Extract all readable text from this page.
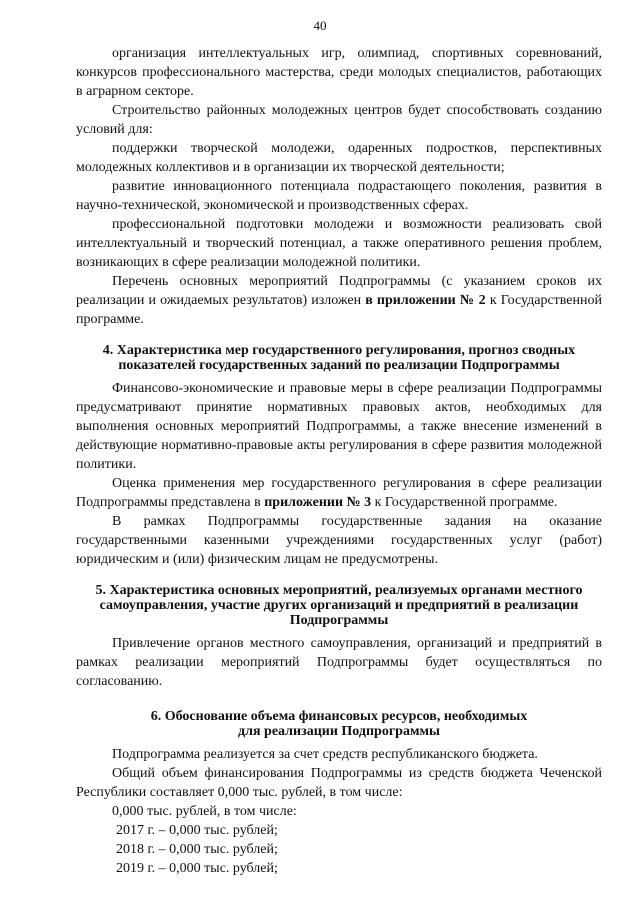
40

организация интеллектуальных игр, олимпиад, спортивных соревнований, конкурсов профессионального мастерства, среди молодых специалистов, работающих в аграрном секторе.

Строительство районных молодежных центров будет способствовать созданию условий для:

поддержки творческой молодежи, одаренных подростков, перспективных молодежных коллективов и в организации их творческой деятельности;

развитие инновационного потенциала подрастающего поколения, развития в научно-технической, экономической и производственных сферах.

профессиональной подготовки молодежи и возможности реализовать свой интеллектуальный и творческий потенциал, а также оперативного решения проблем, возникающих в сфере реализации молодежной политики.

Перечень основных мероприятий Подпрограммы (с указанием сроков их реализации и ожидаемых результатов) изложен в приложении № 2 к Государственной программе.

4. Характеристика мер государственного регулирования, прогноз сводных
показателей государственных заданий по реализации Подпрограммы

Финансово-экономические и правовые меры в сфере реализации Подпрограммы предусматривают принятие нормативных правовых актов, необходимых для выполнения основных мероприятий Подпрограммы, а также внесение изменений в действующие нормативно-правовые акты регулирования в сфере развития молодежной политики.

Оценка применения мер государственного регулирования в сфере реализации Подпрограммы представлена в приложении № 3 к Государственной программе.

В рамках Подпрограммы государственные задания на оказание государственными казенными учреждениями государственных услуг (работ) юридическим и (или) физическим лицам не предусмотрены.

5. Характеристика основных мероприятий, реализуемых органами местного
самоуправления, участие других организаций и предприятий в реализации
Подпрограммы

Привлечение органов местного самоуправления, организаций и предприятий в рамках реализации мероприятий Подпрограммы будет осуществляться по согласованию.

6. Обоснование объема финансовых ресурсов, необходимых
для реализации Подпрограммы

Подпрограмма реализуется за счет средств республиканского бюджета.

Общий объем финансирования Подпрограммы из средств бюджета Чеченской Республики составляет 0,000 тыс. рублей, в том числе:

0,000 тыс. рублей, в том числе:
2017 г. – 0,000 тыс. рублей;
2018 г. – 0,000 тыс. рублей;
2019 г. – 0,000 тыс. рублей;
